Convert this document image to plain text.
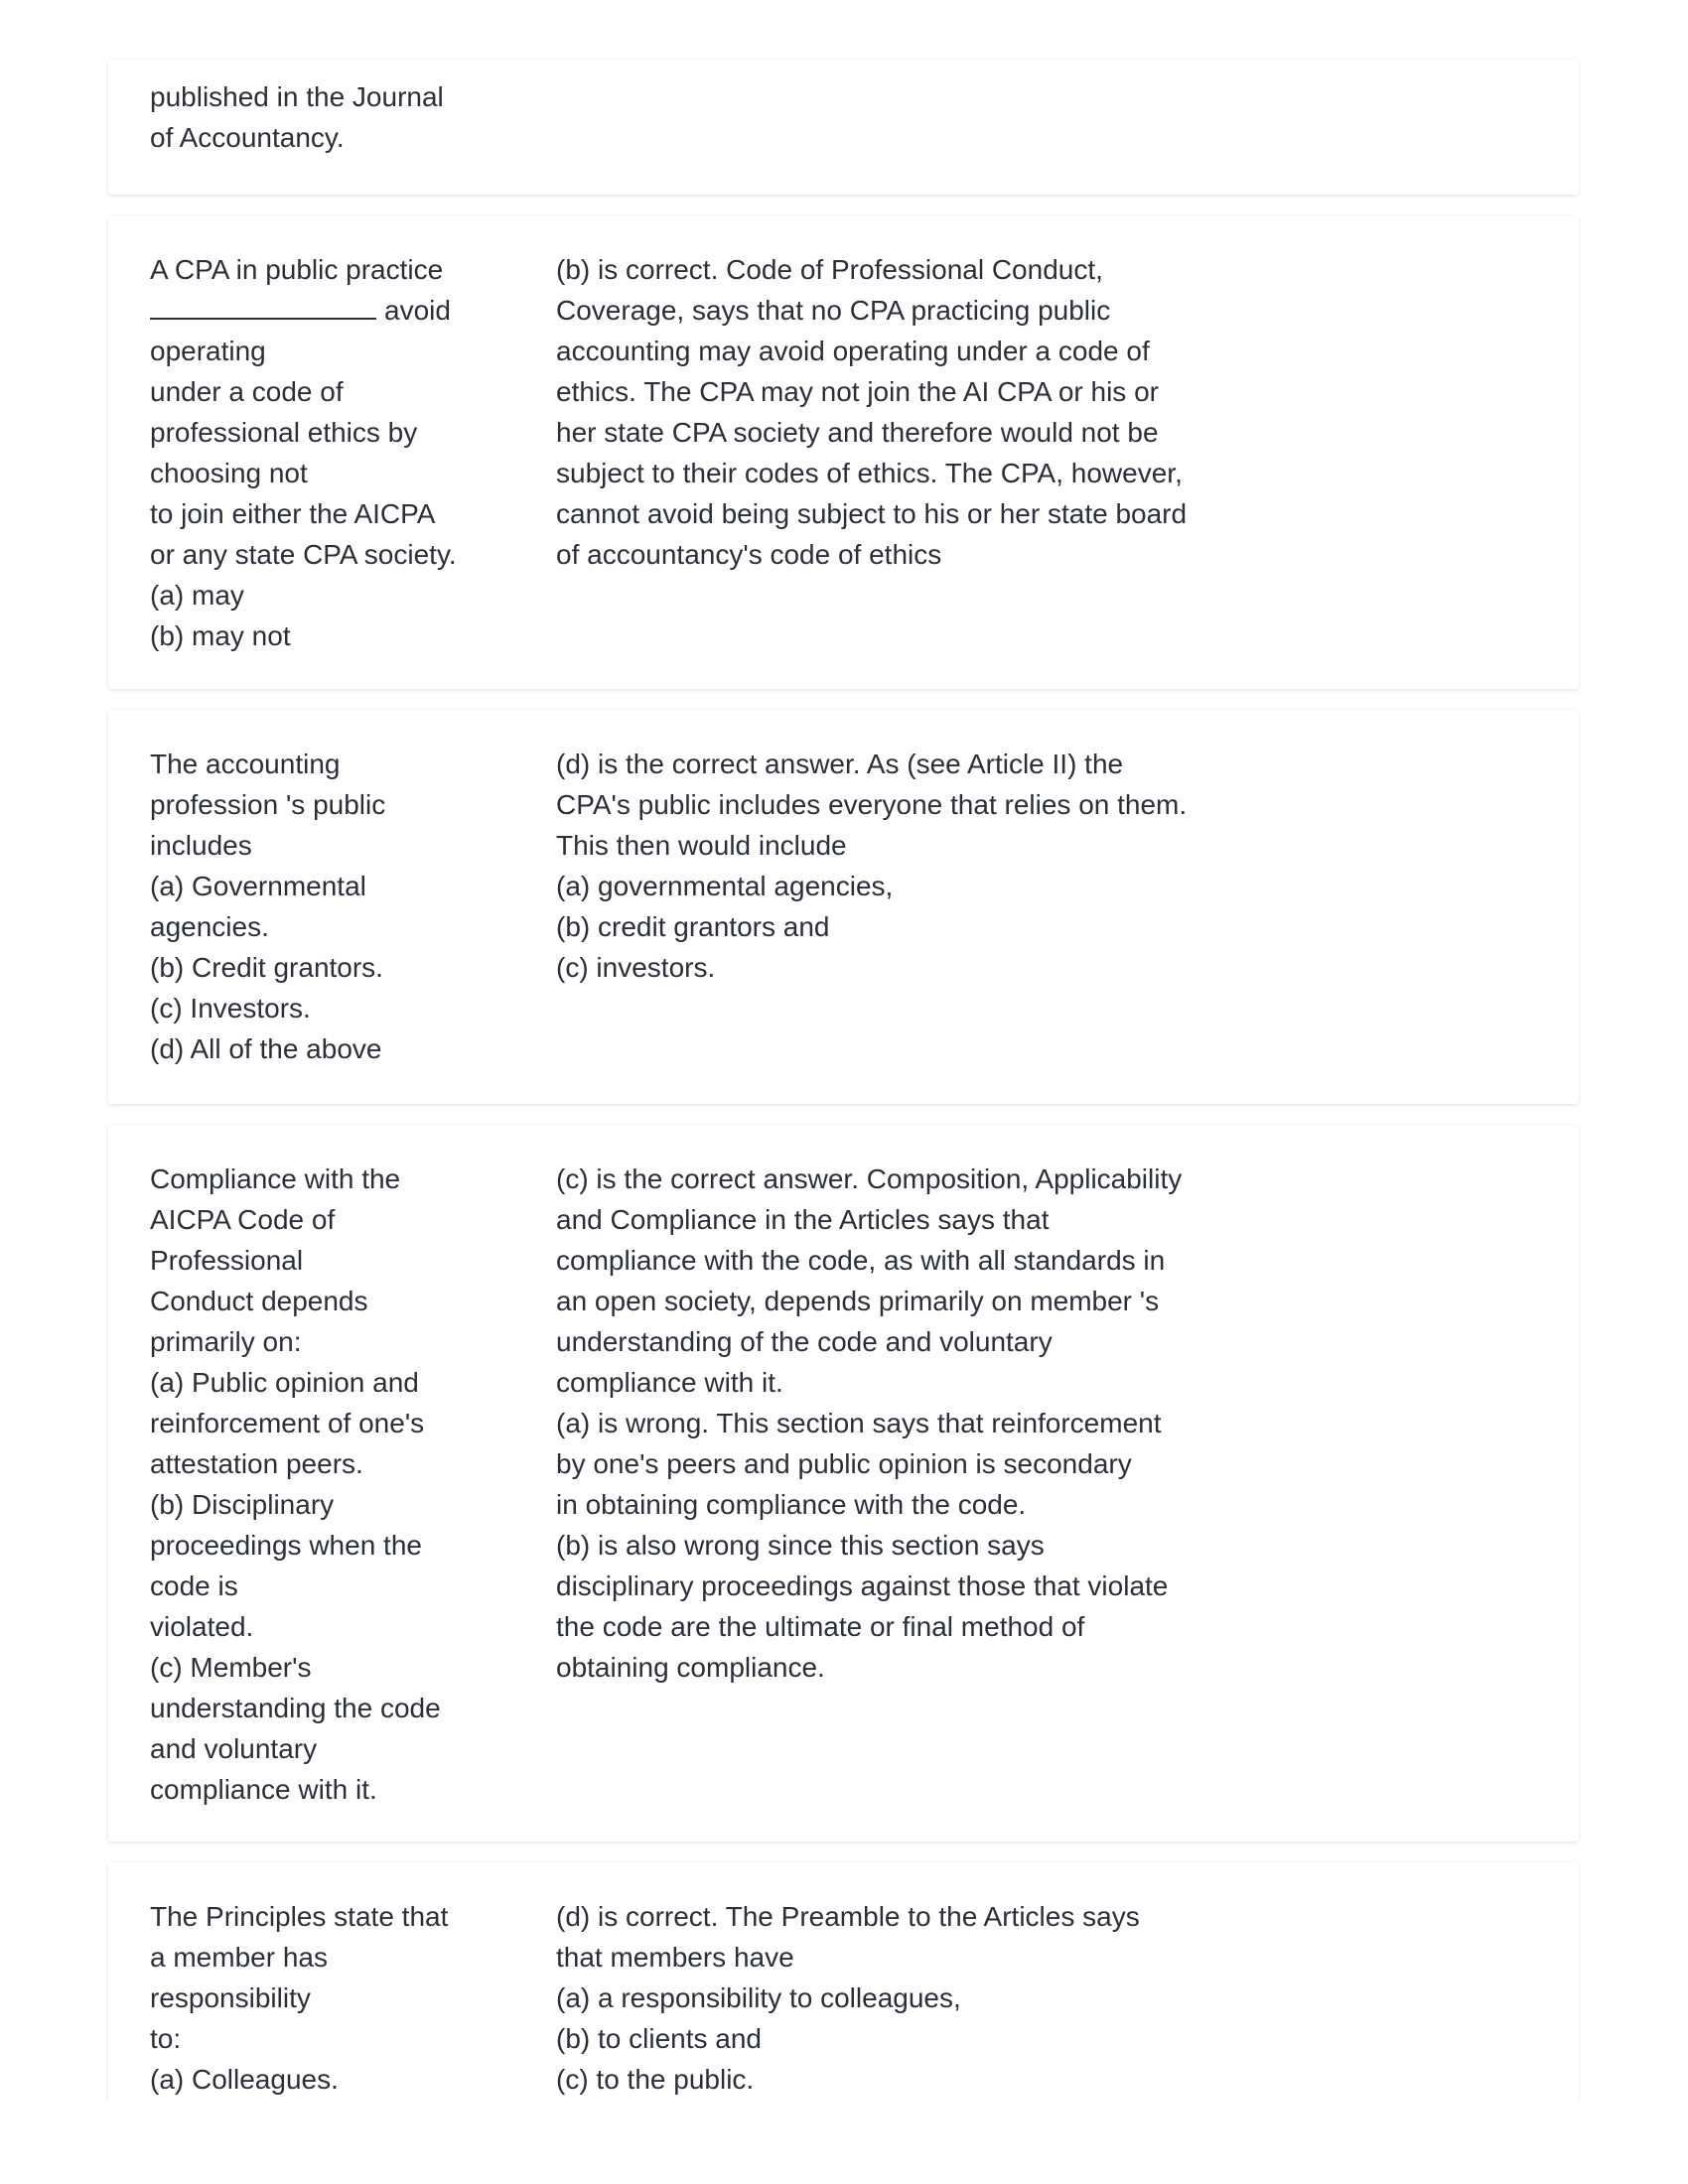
published in the Journal
of Accountancy.
A CPA in public practice
avoid
operating
under a code of
professional ethics by
choosing not
to join either the AICPA
or any state CPA society.
(a) may
(b) may not
(b) is correct. Code of Professional Conduct,
Coverage, says that no CPA practicing public
accounting may avoid operating under a code of
ethics. The CPA may not join the AI CPA or his or
her state CPA society and therefore would not be
subject to their codes of ethics. The CPA, however,
cannot avoid being subject to his or her state board
of accountancy's code of ethics
The accounting
profession 's public
includes
(a) Governmental
agencies.
(b) Credit grantors.
(c) Investors.
(d) All of the above
(d) is the correct answer. As (see Article II) the
CPA's public includes everyone that relies on them.
This then would include
(a) governmental agencies,
(b) credit grantors and
(c) investors.
Compliance with the
AICPA Code of
Professional
Conduct depends
primarily on:
(a) Public opinion and
reinforcement of one's
attestation peers.
(b) Disciplinary
proceedings when the
code is
violated.
(c) Member's
understanding the code
and voluntary
compliance with it.
(c) is the correct answer. Composition, Applicability
and Compliance in the Articles says that
compliance with the code, as with all standards in
an open society, depends primarily on member 's
understanding of the code and voluntary
compliance with it.
(a) is wrong. This section says that reinforcement
by one's peers and public opinion is secondary
in obtaining compliance with the code.
(b) is also wrong since this section says
disciplinary proceedings against those that violate
the code are the ultimate or final method of
obtaining compliance.
The Principles state that
a member has
responsibility
to:
(a) Colleagues.
(d) is correct. The Preamble to the Articles says
that members have
(a) a responsibility to colleagues,
(b) to clients and
(c) to the public.
